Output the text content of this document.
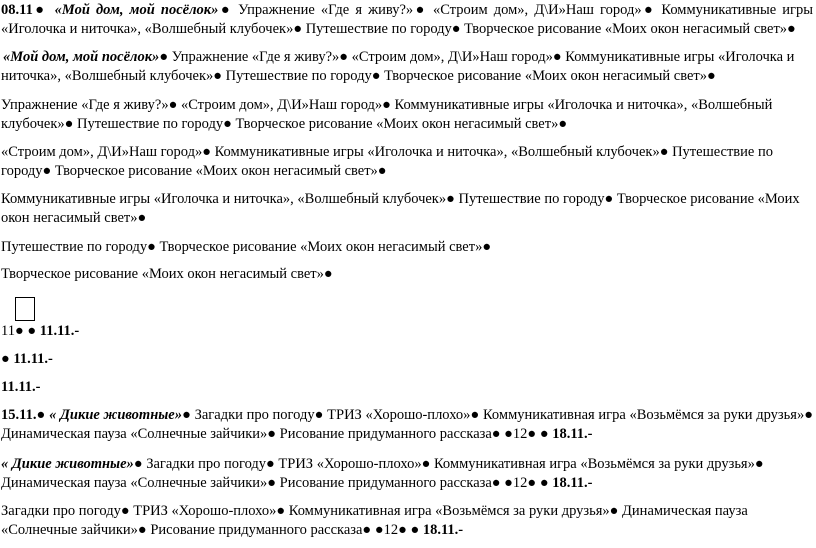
08.11● «Мой дом, мой посёлок»● Упражнение «Где я живу?»● «Строим дом», Д\И»Наш город»● Коммуникативные игры «Иголочка и ниточка», «Волшебный клубочек»● Путешествие по городу● Творческое рисование «Моих окон негасимый свет»●

«Мой дом, мой посёлок»● Упражнение «Где я живу?»● «Строим дом», Д\И»Наш город»● Коммуникативные игры «Иголочка и ниточка», «Волшебный клубочек»● Путешествие по городу● Творческое рисование «Моих окон негасимый свет»●

Упражнение «Где я живу?»● «Строим дом», Д\И»Наш город»● Коммуникативные игры «Иголочка и ниточка», «Волшебный клубочек»● Путешествие по городу● Творческое рисование «Моих окон негасимый свет»●

«Строим дом», Д\И»Наш город»● Коммуникативные игры «Иголочка и ниточка», «Волшебный клубочек»● Путешествие по городу● Творческое рисование «Моих окон негасимый свет»●

Коммуникативные игры «Иголочка и ниточка», «Волшебный клубочек»● Путешествие по городу● Творческое рисование «Моих окон негасимый свет»●

Путешествие по городу● Творческое рисование «Моих окон негасимый свет»●

Творческое рисование «Моих окон негасимый свет»●

11● ● 11.11.-

● 11.11.-

11.11.-

15.11.● « Дикие животные»● Загадки про погоду● ТРИЗ «Хорошо-плохо»● Коммуникативная игра «Возьмёмся за руки друзья»● Динамическая пауза «Солнечные зайчики»● Рисование придуманного рассказа● ●12● ● 18.11.-

« Дикие животные»● Загадки про погоду● ТРИЗ «Хорошо-плохо»● Коммуникативная игра «Возьмёмся за руки друзья»● Динамическая пауза «Солнечные зайчики»● Рисование придуманного рассказа● ●12● ● 18.11.-

Загадки про погоду● ТРИЗ «Хорошо-плохо»● Коммуникативная игра «Возьмёмся за руки друзья»● Динамическая пауза «Солнечные зайчики»● Рисование придуманного рассказа● ●12● ● 18.11.-
